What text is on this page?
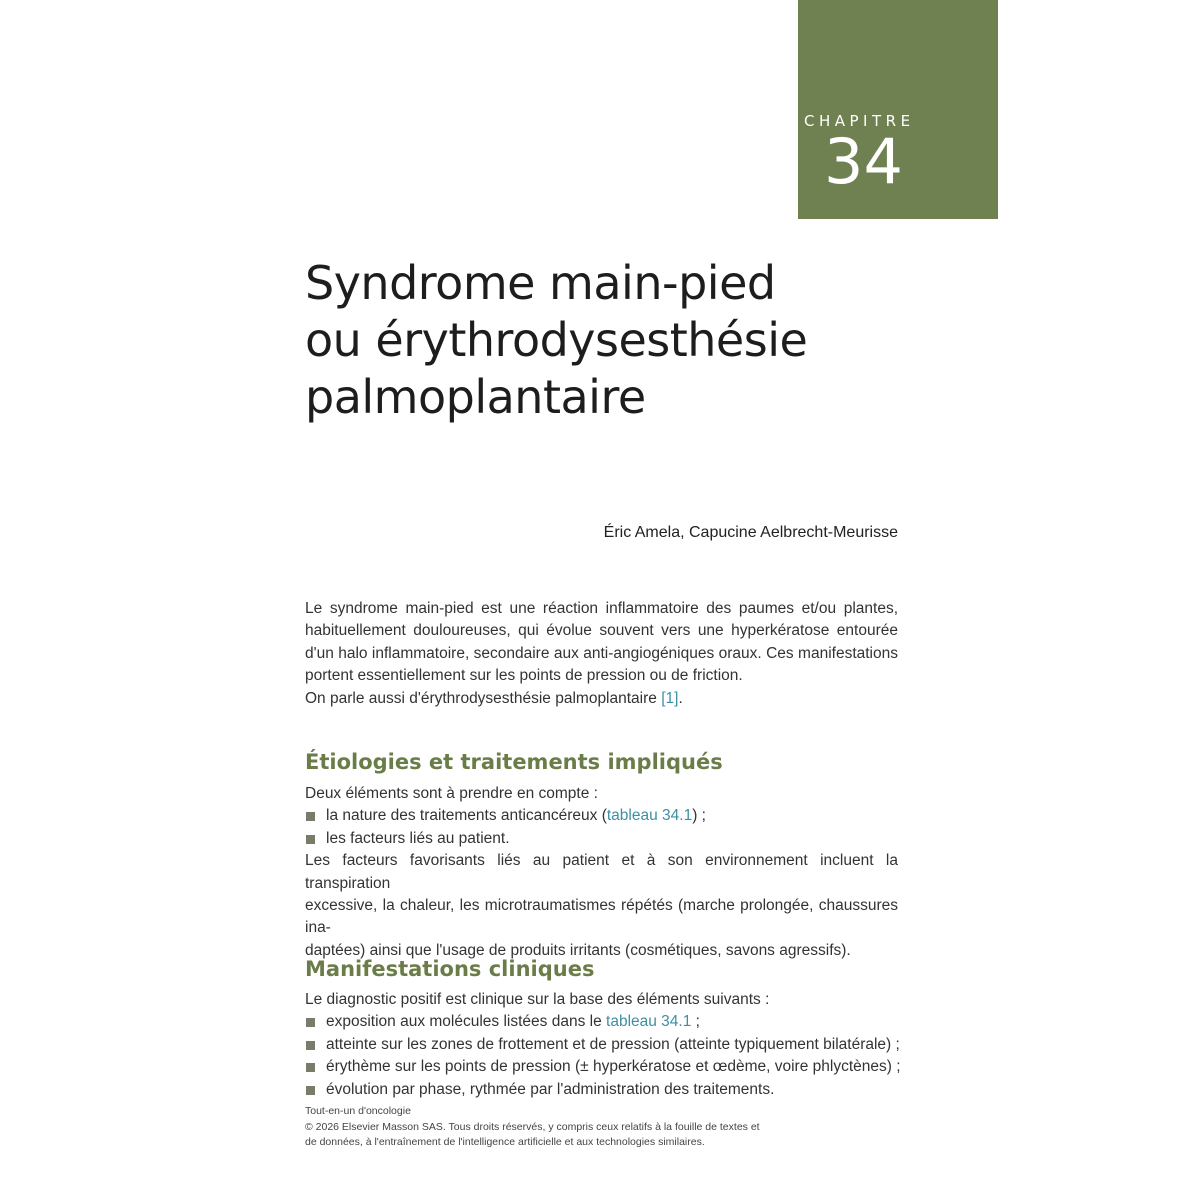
CHAPITRE
34
Syndrome main-pied
ou érythrodysesthésie
palmoplantaire
Éric Amela, Capucine Aelbrecht-Meurisse
Le syndrome main-pied est une réaction inflammatoire des paumes et/ou plantes,
habituellement douloureuses, qui évolue souvent vers une hyperkératose entourée
d'un halo inflammatoire, secondaire aux anti-angiogéniques oraux. Ces manifestations
portent essentiellement sur les points de pression ou de friction.
On parle aussi d'érythrodysesthésie palmoplantaire [1].
Étiologies et traitements impliqués
Deux éléments sont à prendre en compte :
la nature des traitements anticancéreux (tableau 34.1) ;
les facteurs liés au patient.
Les facteurs favorisants liés au patient et à son environnement incluent la transpiration
excessive, la chaleur, les microtraumatismes répétés (marche prolongée, chaussures ina-
daptées) ainsi que l'usage de produits irritants (cosmétiques, savons agressifs).
Manifestations cliniques
Le diagnostic positif est clinique sur la base des éléments suivants :
exposition aux molécules listées dans le tableau 34.1 ;
atteinte sur les zones de frottement et de pression (atteinte typiquement bilatérale) ;
érythème sur les points de pression (± hyperkératose et œdème, voire phlyctènes) ;
évolution par phase, rythmée par l'administration des traitements.
Tout-en-un d'oncologie
© 2026 Elsevier Masson SAS. Tous droits réservés, y compris ceux relatifs à la fouille de textes et
de données, à l'entraînement de l'intelligence artificielle et aux technologies similaires.
